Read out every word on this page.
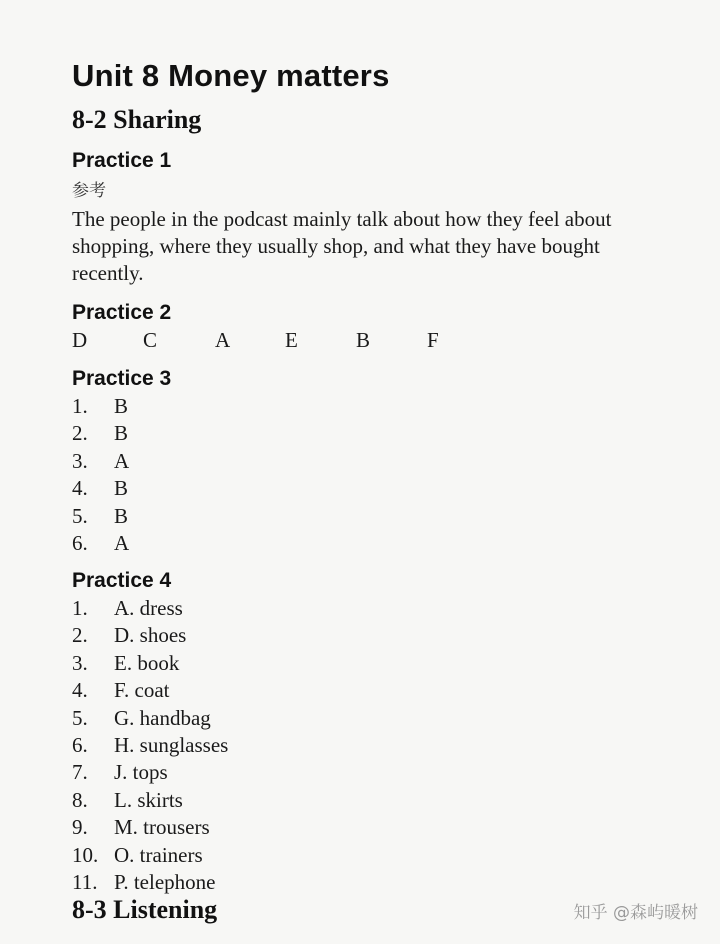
Unit 8 Money matters
8-2 Sharing
Practice 1
参考

The people in the podcast mainly talk about how they feel about shopping, where they usually shop, and what they have bought recently.

Practice 2
D	C	A	E	B	F
Practice 3
1. B
2. B
3. A
4. B
5. B
6. A
Practice 4
1. A. dress
2. D. shoes
3. E. book
4. F. coat
5. G. handbag
6. H. sunglasses
7. J. tops
8. L. skirts
9. M. trousers
10. O. trainers
11. P. telephone
8-3 Listening	知乎 @森屿暖树
